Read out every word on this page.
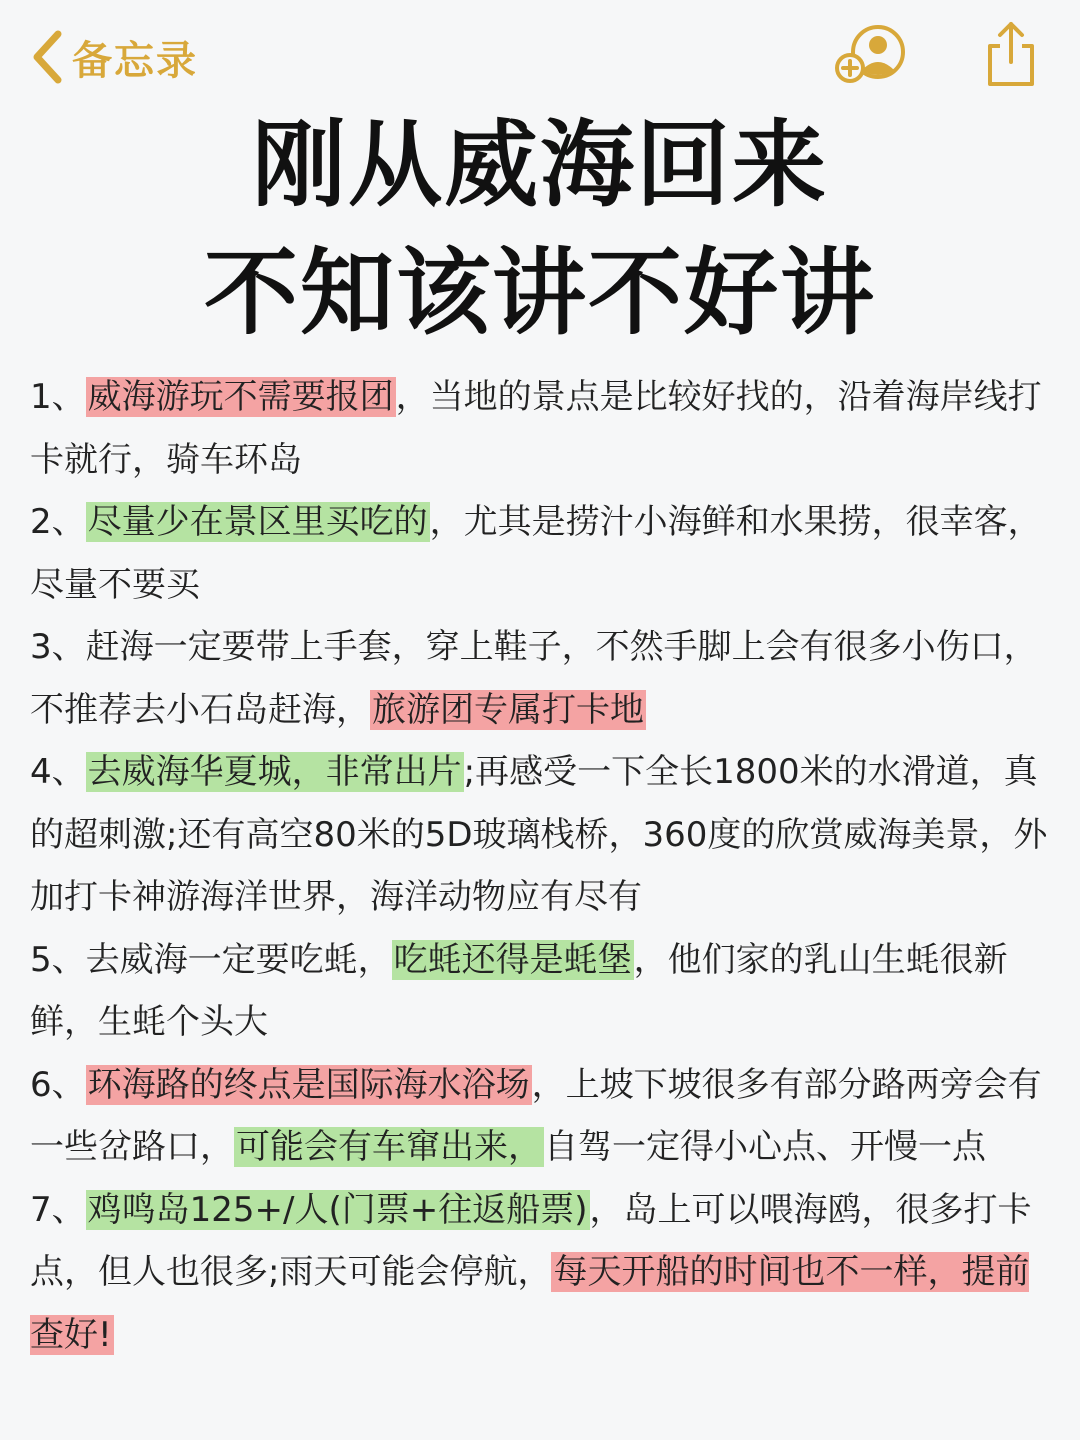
备忘录
刚从威海回来
不知该讲不好讲

1、威海游玩不需要报团，当地的景点是比较好找的，沿着海岸线打卡就行，骑车环岛

2、尽量少在景区里买吃的，尤其是捞汁小海鲜和水果捞，很幸客，尽量不要买

3、赶海一定要带上手套，穿上鞋子，不然手脚上会有很多小伤口，不推荐去小石岛赶海，旅游团专属打卡地

4、去威海华夏城，非常出片;再感受一下全长1800米的水滑道，真的超刺激;还有高空80米的5D玻璃栈桥，360度的欣赏威海美景，外加打卡神游海洋世界，海洋动物应有尽有

5、去威海一定要吃蚝，吃蚝还得是蚝堡，他们家的乳山生蚝很新鲜，生蚝个头大

6、环海路的终点是国际海水浴场，上坡下坡很多有部分路两旁会有一些岔路口，可能会有车窜出来，自驾一定得小心点、开慢一点

7、鸡鸣岛125+/人(门票+往返船票)，岛上可以喂海鸥，很多打卡点，但人也很多;雨天可能会停航，每天开船的时间也不一样，提前查好!
